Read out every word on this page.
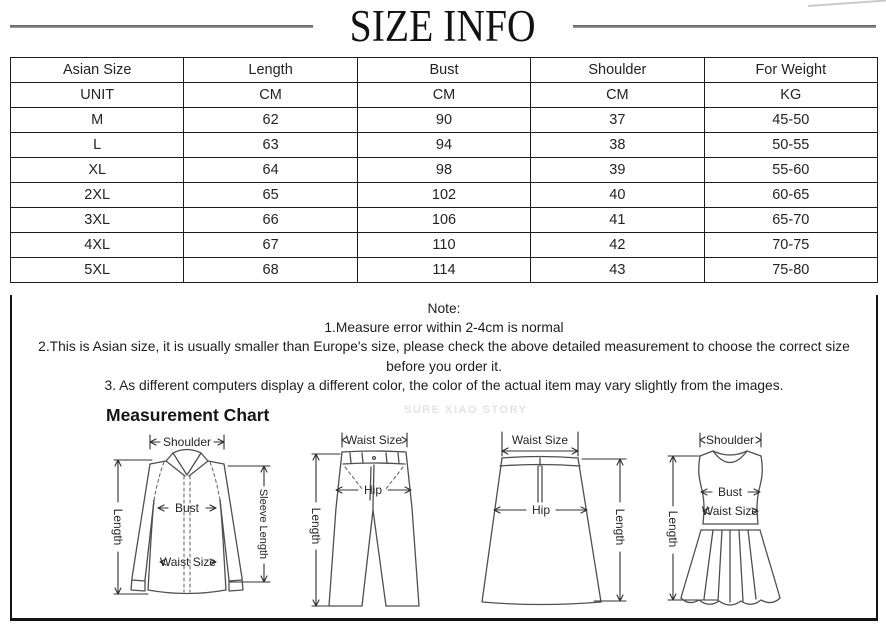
SIZE INFO
Asian Size	Length	Bust	Shoulder	For Weight
UNIT	CM	CM	CM	KG
M	62	90	37	45-50
L	63	94	38	50-55
XL	64	98	39	55-60
2XL	65	102	40	60-65
3XL	66	106	41	65-70
4XL	67	110	42	70-75
5XL	68	114	43	75-80
Note:
1.Measure error within 2-4cm is normal
2.This is Asian size, it is usually smaller than Europe's size, please check the above detailed measurement to choose the correct size
before you order it.
3. As different computers display a different color, the color of the actual item may vary slightly from the images.
Measurement Chart	SURE XIAO STORY
Shoulder
Length	Sleeve Length
Bust
Waist Size
Waist Size
Length
Hip
Waist Size
Hip	Length
Shoulder
Length
Bust
Waist Size
